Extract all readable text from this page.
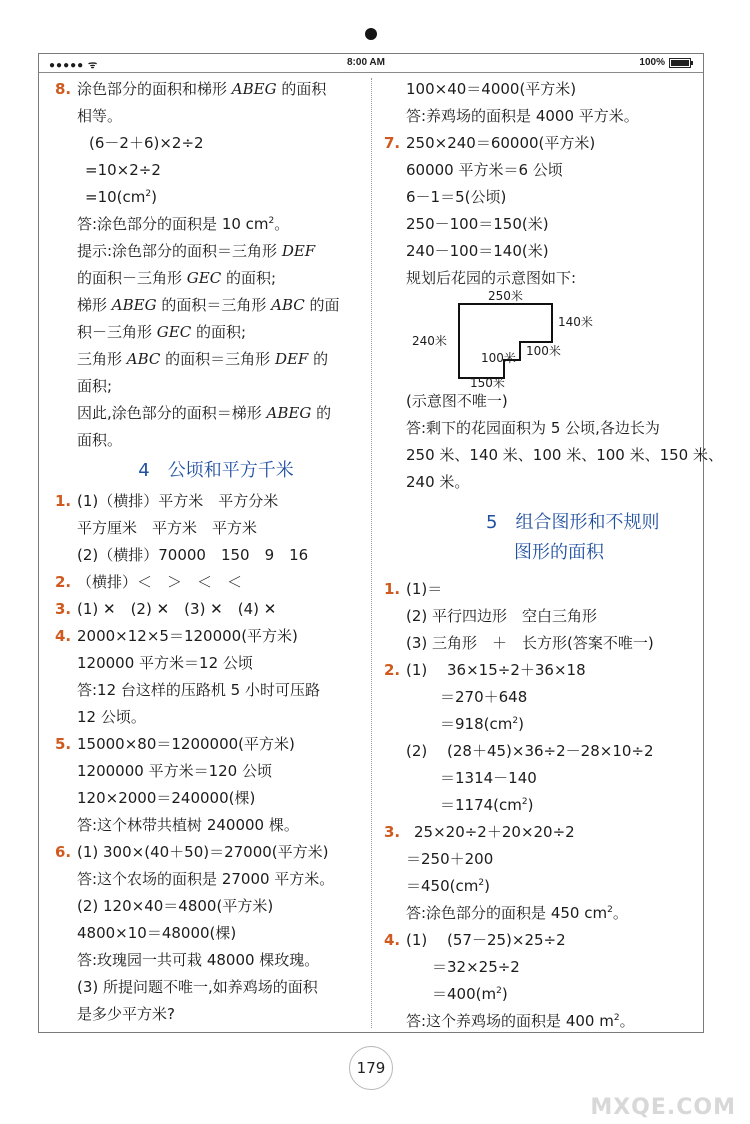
●●●●● ᯤ	8:00 AM	100%
8. 涂色部分的面积和梯形 ABEG 的面积
相等。
(6－2＋6)×2÷2
=10×2÷2
$=10(cm^2)$
答:涂色部分的面积是 10 $cm^2$。
提示:涂色部分的面积＝三角形 DEF
的面积－三角形 GEC 的面积;
梯形 ABEG 的面积＝三角形 ABC 的面
积－三角形 GEC 的面积;
三角形 ABC 的面积＝三角形 DEF 的
面积;
因此,涂色部分的面积＝梯形 ABEG 的
面积。
4　公顷和平方千米
1. (1)（横排）平方米　平方分米
平方厘米　平方米　平方米
(2)（横排）70000　150　9　16
2. （横排）＜　＞　＜　＜
3. (1) ✕　(2) ✕　(3) ✕　(4) ✕
4. 2000×12×5＝120000(平方米)
120000 平方米＝12 公顷
答:12 台这样的压路机 5 小时可压路
12 公顷。
5. 15000×80＝1200000(平方米)
1200000 平方米＝120 公顷
120×2000＝240000(棵)
答:这个林带共植树 240000 棵。
6. (1) 300×(40＋50)＝27000(平方米)
答:这个农场的面积是 27000 平方米。
(2) 120×40＝4800(平方米)
4800×10＝48000(棵)
答:玫瑰园一共可栽 48000 棵玫瑰。
(3) 所提问题不唯一,如养鸡场的面积
是多少平方米?
100×40＝4000(平方米)
答:养鸡场的面积是 4000 平方米。
7. 250×240＝60000(平方米)
60000 平方米＝6 公顷
6－1＝5(公顷)
250－100＝150(米)
240－100＝140(米)
规划后花园的示意图如下:
250米
240米
140米
100米
100米
150米
(示意图不唯一)
答:剩下的花园面积为 5 公顷,各边长为
250 米、140 米、100 米、100 米、150 米、
240 米。
5　组合图形和不规则
图形的面积
1. (1)＝
(2) 平行四边形　空白三角形
(3) 三角形　＋　长方形(答案不唯一)
2. (1)　 36×15÷2＋36×18
＝270＋648
$=918(cm^2)$
(2)　 (28＋45)×36÷2－28×10÷2
＝1314－140
$=1174(cm^2)$
3. 25×20÷2＋20×20÷2
＝250＋200
$=450(cm^2)$
答:涂色部分的面积是 450 $cm^2$。
4. (1)　 (57－25)×25÷2
＝32×25÷2
$=400(m^2)$
答:这个养鸡场的面积是 400 $m^2$。
179
MXQE.COM
